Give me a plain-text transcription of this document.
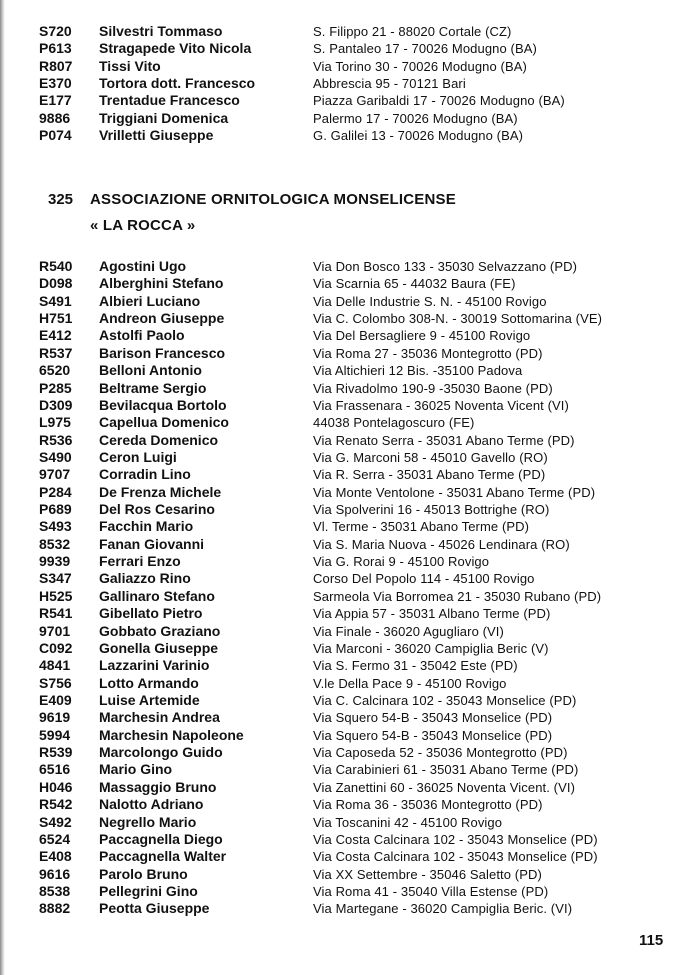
S720 Silvestri Tommaso	S. Filippo 21 - 88020 Cortale (CZ)
P613 Stragapede Vito Nicola	S. Pantaleo 17 - 70026 Modugno (BA)
R807 Tissi Vito	Via Torino 30 - 70026 Modugno (BA)
E370 Tortora dott. Francesco	Abbrescia 95 - 70121 Bari
E177 Trentadue Francesco	Piazza Garibaldi 17 - 70026 Modugno (BA)
9886 Triggiani Domenica	Palermo 17 - 70026 Modugno (BA)
P074 Vrilletti Giuseppe	G. Galilei 13 - 70026 Modugno (BA)
325 ASSOCIAZIONE ORNITOLOGICA MONSELICENSE
« LA ROCCA »
R540 Agostini Ugo	Via Don Bosco 133 - 35030 Selvazzano (PD)
D098 Alberghini Stefano	Via Scarnia 65 - 44032 Baura (FE)
S491 Albieri Luciano	Via Delle Industrie S. N. - 45100 Rovigo
H751 Andreon Giuseppe	Via C. Colombo 308-N. - 30019 Sottomarina (VE)
E412 Astolfi Paolo	Via Del Bersagliere 9 - 45100 Rovigo
R537 Barison Francesco	Via Roma 27 - 35036 Montegrotto (PD)
6520 Belloni Antonio	Via Altichieri 12 Bis. -35100 Padova
P285 Beltrame Sergio	Via Rivadolmo 190-9 -35030 Baone (PD)
D309 Bevilacqua Bortolo	Via Frassenara - 36025 Noventa Vicent (VI)
L975 Capellua Domenico	44038 Pontelagoscuro (FE)
R536 Cereda Domenico	Via Renato Serra - 35031 Abano Terme (PD)
S490 Ceron Luigi	Via G. Marconi 58 - 45010 Gavello (RO)
9707 Corradin Lino	Via R. Serra - 35031 Abano Terme (PD)
P284 De Frenza Michele	Via Monte Ventolone - 35031 Abano Terme (PD)
P689 Del Ros Cesarino	Via Spolverini 16 - 45013 Bottrighe (RO)
S493 Facchin Mario	Vl. Terme - 35031 Abano Terme (PD)
8532 Fanan Giovanni	Via S. Maria Nuova - 45026 Lendinara (RO)
9939 Ferrari Enzo	Via G. Rorai 9 - 45100 Rovigo
S347 Galiazzo Rino	Corso Del Popolo 114 - 45100 Rovigo
H525 Gallinaro Stefano	Sarmeola Via Borromea 21 - 35030 Rubano (PD)
R541 Gibellato Pietro	Via Appia 57 - 35031 Albano Terme (PD)
9701 Gobbato Graziano	Via Finale - 36020 Agugliaro (VI)
C092 Gonella Giuseppe	Via Marconi - 36020 Campiglia Beric (V)
4841 Lazzarini Varinio	Via S. Fermo 31 - 35042 Este (PD)
S756 Lotto Armando	V.le Della Pace 9 - 45100 Rovigo
E409 Luise Artemide	Via C. Calcinara 102 - 35043 Monselice (PD)
9619 Marchesin Andrea	Via Squero 54-B - 35043 Monselice (PD)
5994 Marchesin Napoleone	Via Squero 54-B - 35043 Monselice (PD)
R539 Marcolongo Guido	Via Caposeda 52 - 35036 Montegrotto (PD)
6516 Mario Gino	Via Carabinieri 61 - 35031 Abano Terme (PD)
H046 Massaggio Bruno	Via Zanettini 60 - 36025 Noventa Vicent. (VI)
R542 Nalotto Adriano	Via Roma 36 - 35036 Montegrotto (PD)
S492 Negrello Mario	Via Toscanini 42 - 45100 Rovigo
6524 Paccagnella Diego	Via Costa Calcinara 102 - 35043 Monselice (PD)
E408 Paccagnella Walter	Via Costa Calcinara 102 - 35043 Monselice (PD)
9616 Parolo Bruno	Via XX Settembre - 35046 Saletto (PD)
8538 Pellegrini Gino	Via Roma 41 - 35040 Villa Estense (PD)
8882 Peotta Giuseppe	Via Martegane - 36020 Campiglia Beric. (VI)
115
